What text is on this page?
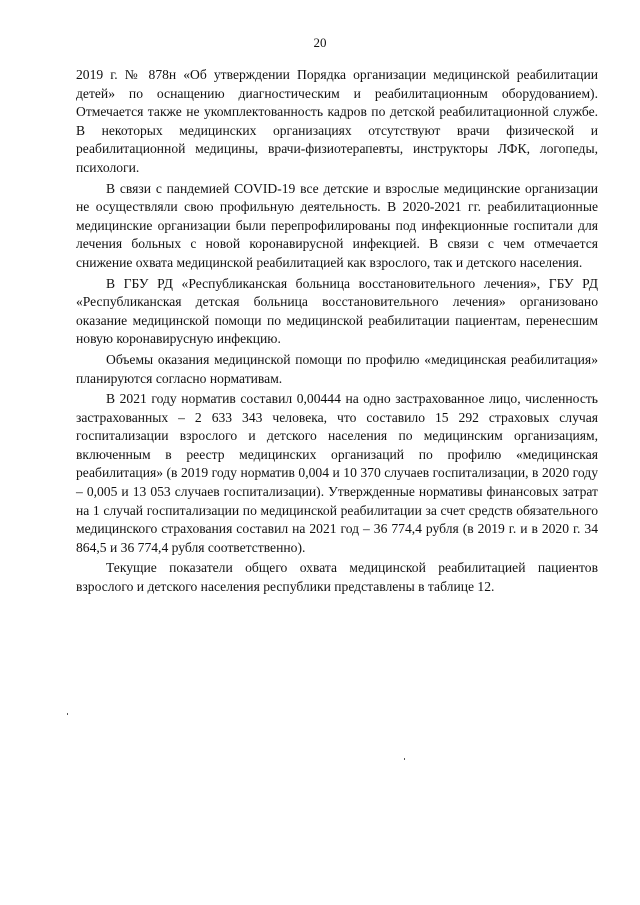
20

2019 г. № 878н «Об утверждении Порядка организации медицинской реабилитации детей» по оснащению диагностическим и реабилитационным оборудованием). Отмечается также не укомплектованность кадров по детской реабилитационной службе. В некоторых медицинских организациях отсутствуют врачи физической и реабилитационной медицины, врачи-физиотерапевты, инструкторы ЛФК, логопеды, психологи.

В связи с пандемией COVID-19 все детские и взрослые медицинские организации не осуществляли свою профильную деятельность. В 2020-2021 гг. реабилитационные медицинские организации были перепрофилированы под инфекционные госпитали для лечения больных с новой коронавирусной инфекцией. В связи с чем отмечается снижение охвата медицинской реабилитацией как взрослого, так и детского населения.

В ГБУ РД «Республиканская больница восстановительного лечения», ГБУ РД «Республиканская детская больница восстановительного лечения» организовано оказание медицинской помощи по медицинской реабилитации пациентам, перенесшим новую коронавирусную инфекцию.

Объемы оказания медицинской помощи по профилю «медицинская реабилитация» планируются согласно нормативам.

В 2021 году норматив составил 0,00444 на одно застрахованное лицо, численность застрахованных – 2 633 343 человека, что составило 15 292 страховых случая госпитализации взрослого и детского населения по медицинским организациям, включенным в реестр медицинских организаций по профилю «медицинская реабилитация» (в 2019 году норматив 0,004 и 10 370 случаев госпитализации, в 2020 году – 0,005 и 13 053 случаев госпитализации). Утвержденные нормативы финансовых затрат на 1 случай госпитализации по медицинской реабилитации за счет средств обязательного медицинского страхования составил на 2021 год – 36 774,4 рубля (в 2019 г. и в 2020 г. 34 864,5 и 36 774,4 рубля соответственно).

Текущие показатели общего охвата медицинской реабилитацией пациентов взрослого и детского населения республики представлены в таблице 12.
